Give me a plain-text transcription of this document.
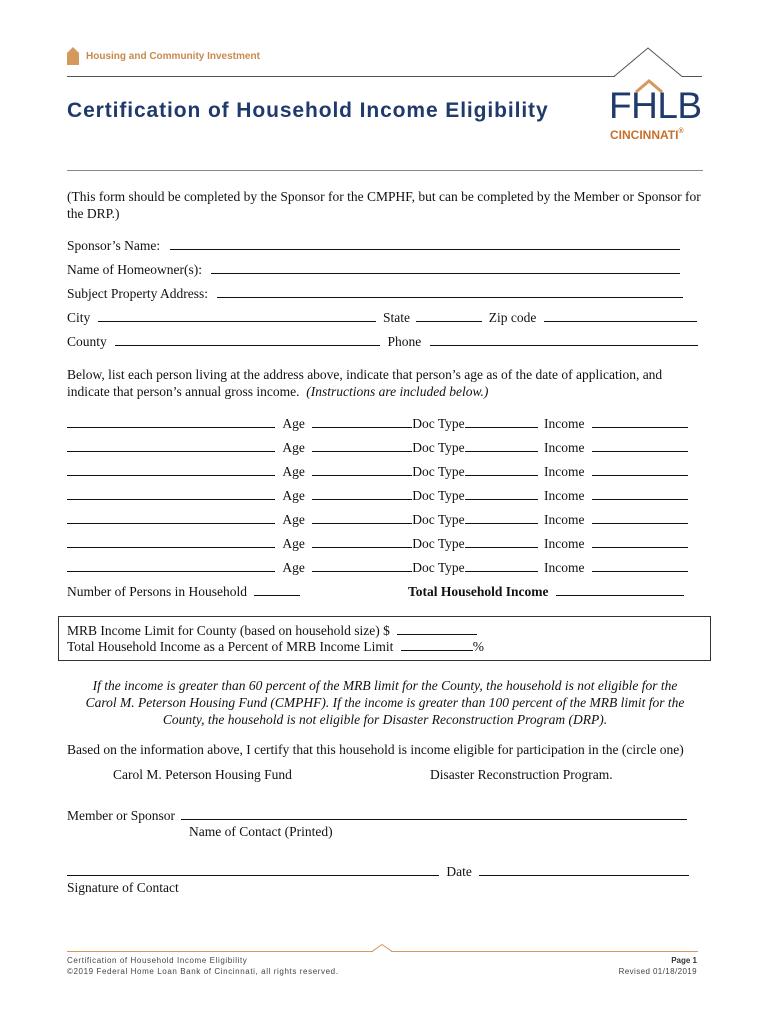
Housing and Community Investment
Certification of Household Income Eligibility FHLB
CINCINNATI®
(This form should be completed by the Sponsor for the CMPHF, but can be completed by the Member or Sponsor for the DRP.)
Sponsor’s Name:
Name of Homeowner(s):
Subject Property Address:
City	State	Zip code
County	Phone
Below, list each person living at the address above, indicate that person’s age as of the date of application, and indicate that person’s annual gross income. (Instructions are included below.)
Age	Doc Type	Income
Age	Doc Type	Income
Age	Doc Type	Income
Age	Doc Type	Income
Age	Doc Type	Income
Age	Doc Type	Income
Age	Doc Type	Income
Number of Persons in Household	Total Household Income
MRB Income Limit for County (based on household size) $
Total Household Income as a Percent of MRB Income Limit	%
If the income is greater than 60 percent of the MRB limit for the County, the household is not eligible for the
Carol M. Peterson Housing Fund (CMPHF). If the income is greater than 100 percent of the MRB limit for the
County, the household is not eligible for Disaster Reconstruction Program (DRP).
Based on the information above, I certify that this household is income eligible for participation in the (circle one)
Carol M. Peterson Housing Fund	Disaster Reconstruction Program.
Member or Sponsor
Name of Contact (Printed)
Date
Signature of Contact
Certification of Household Income Eligibility
©2019 Federal Home Loan Bank of Cincinnati, all rights reserved.
Page 1
Revised 01/18/2019
